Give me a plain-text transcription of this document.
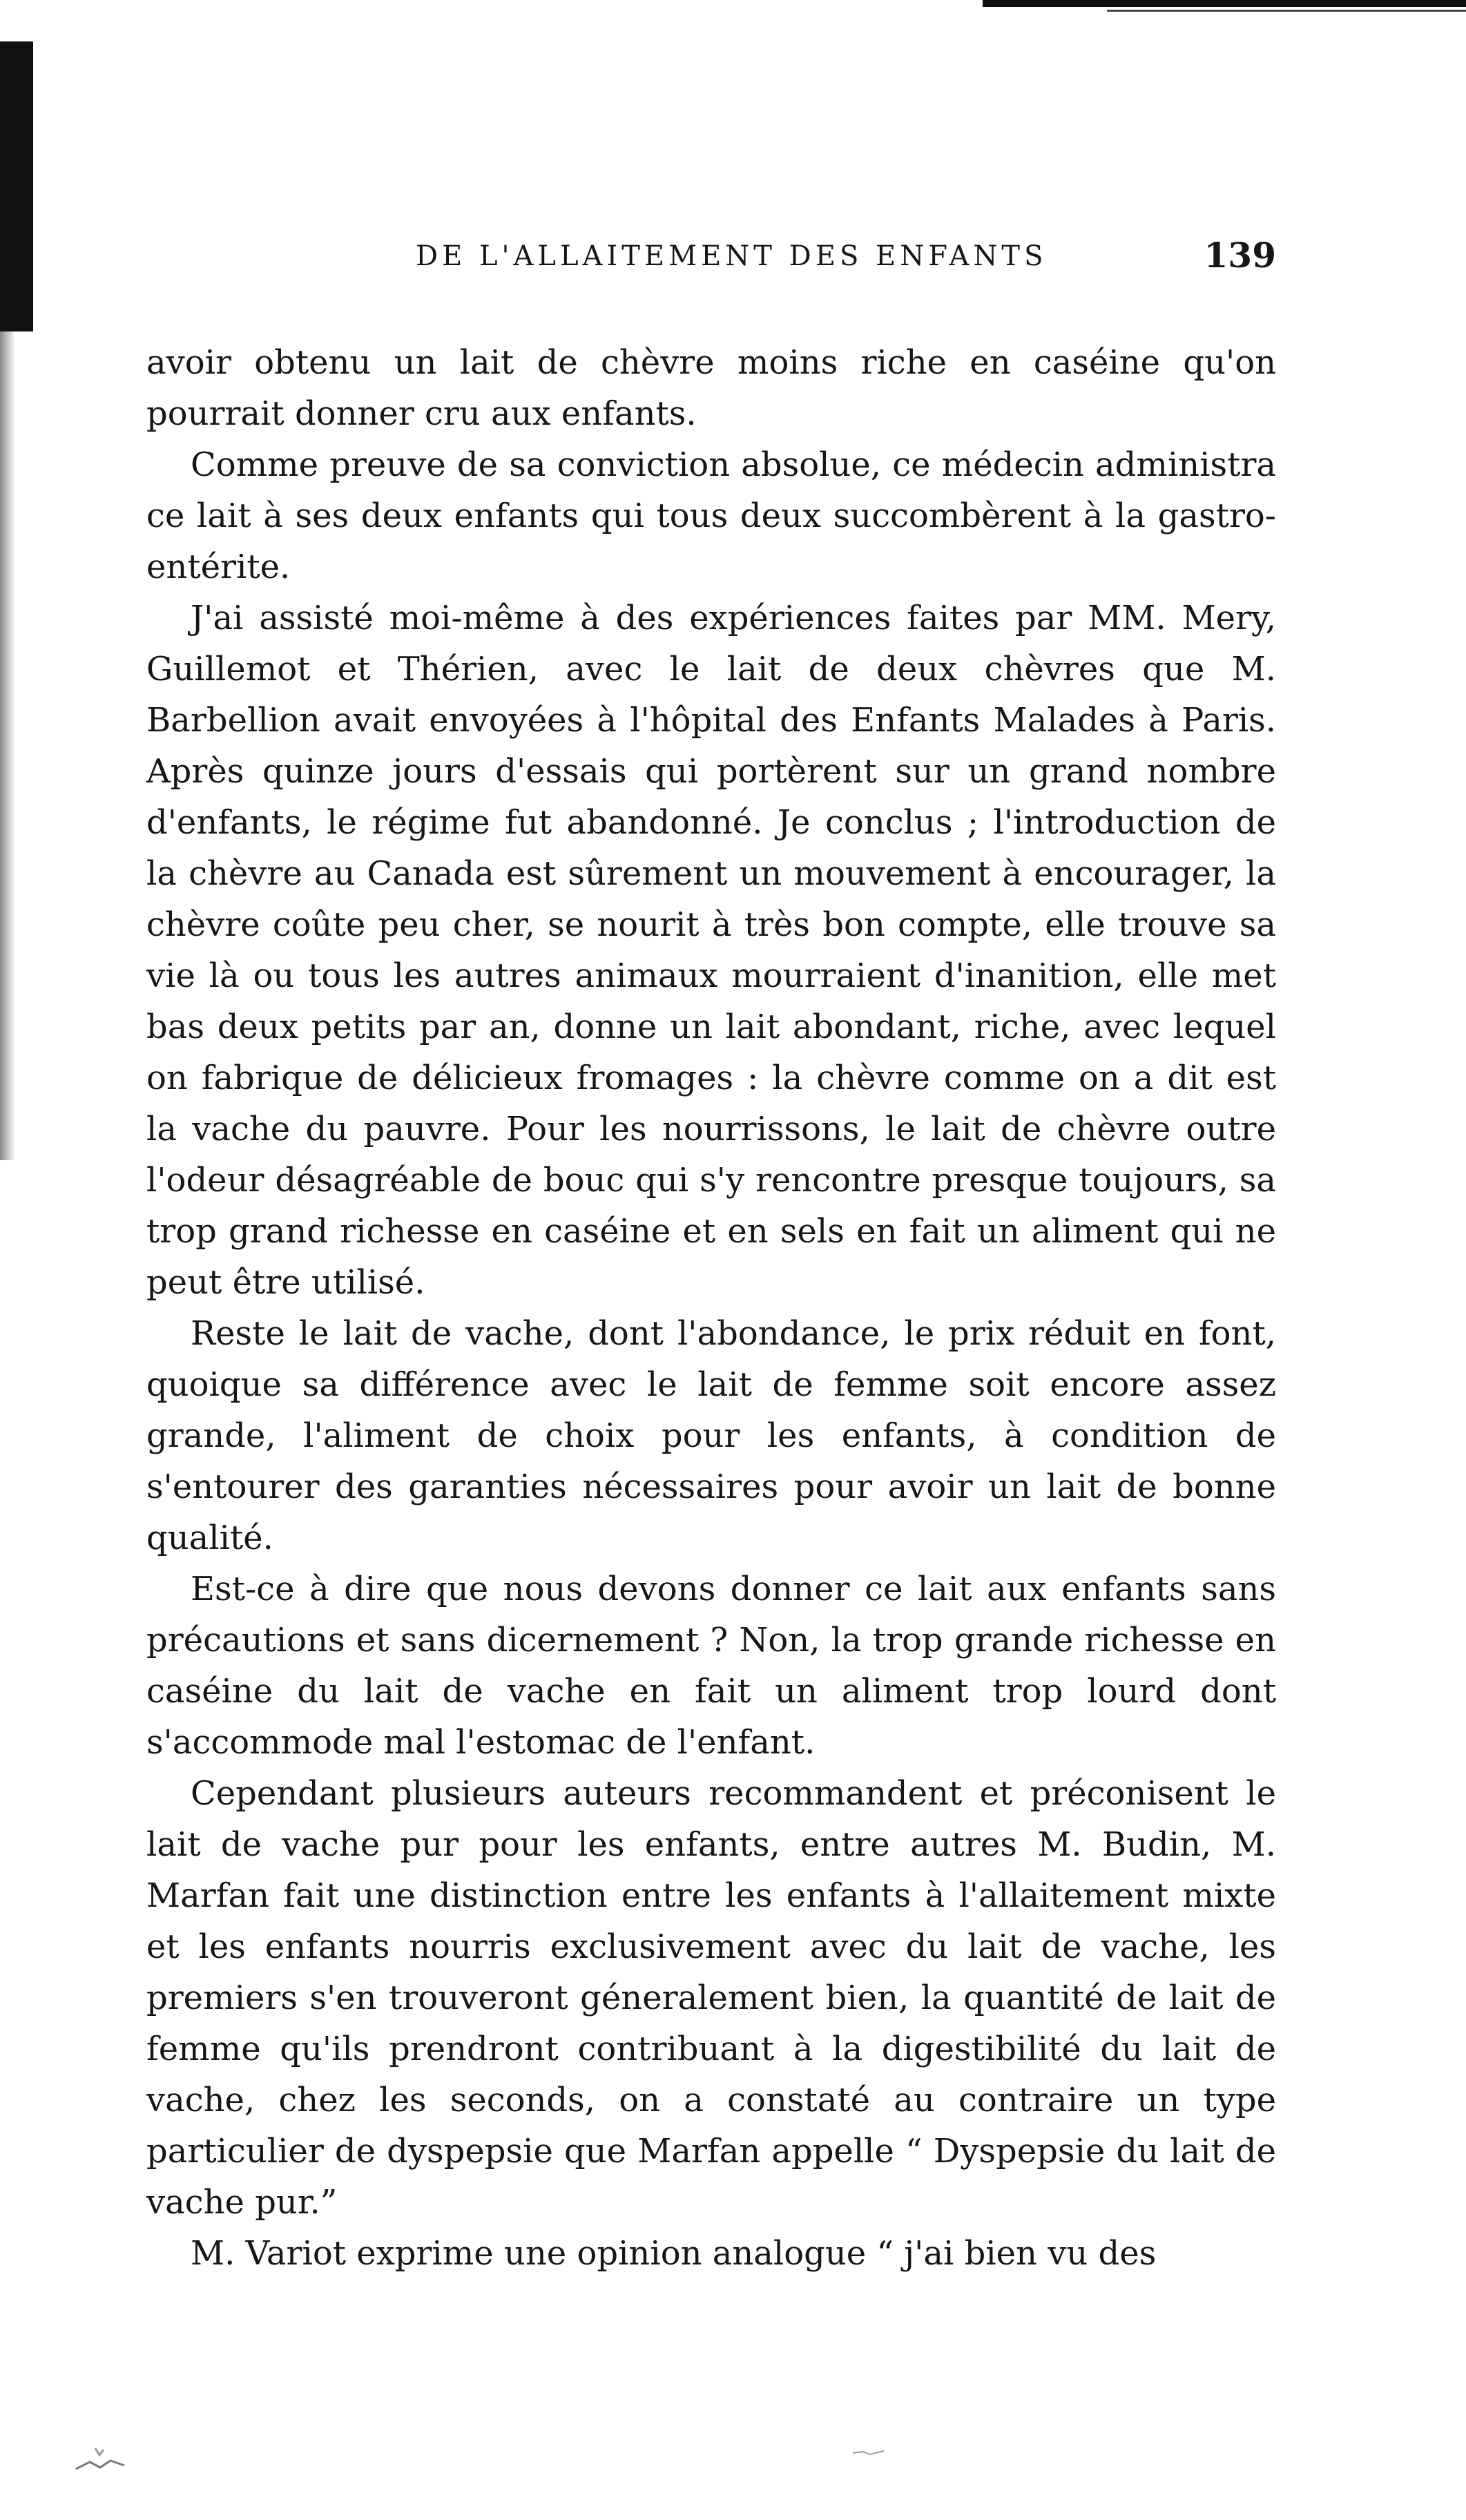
DE L'ALLAITEMENT DES ENFANTS	139

avoir obtenu un lait de chèvre moins riche en caséine qu'on pourrait donner cru aux enfants.

Comme preuve de sa conviction absolue, ce médecin administra ce lait à ses deux en‪‬fants qui tous deux succombèrent à la gastro-entérite.

J'ai assisté moi-même à des expériences faites par MM. Mery, Guillemot et Thérien, avec le lait de deux chèvres que M. Barbellion avait envoyées à l'hôpital des Enfants Malades à Paris. Après quinze jours d'essais qui portèrent sur un grand nombre d'enfants, le régime fut abandonné. Je conclus ; l'introduction de la chèvre au Canada est sûrement un mouvement à encourager, la chèvre coûte peu cher, se nourit à très bon compte, elle trouve sa vie là ou tous les autres animaux mourraient d'inanition, elle met bas deux petits par an, donne un lait abondant, riche, avec lequel on fabrique de délicieux fromages : la chèvre comme on a dit est la vache du pauvre. Pour les nourrissons, le lait de chèvre outre l'odeur désagréable de bouc qui s'y rencontre presque toujours, sa trop grand richesse en caséine et en sels en fait un aliment qui ne peut être utilisé.

Reste le lait de vache, dont l'abondance, le prix réduit en font, quoique sa différence avec le lait de femme soit encore assez grande, l'aliment de choix pour les enfants, à condition de s'entourer des garanties nécessaires pour avoir un lait de bonne qualité.

Est-ce à dire que nous devons donner ce lait aux enfants sans précautions et sans dicernement ? Non, la trop grande richesse en caséine du lait de vache en fait un aliment trop lourd dont s'accommode mal l'estomac de l'enfant.

Cependant plusieurs auteurs recommandent et préconisent le lait de vache pur pour les enfants, entre autres M. Budin, M. Marfan fait une distinction entre les enfants à l'allaitement mixte et les enfants nourris exclusivement avec du lait de vache, les premiers s'en trouveront géneralement bien, la quantité de lait de femme qu'ils prendront contribuant à la digestibilité du lait de vache, chez les seconds, on a constaté au contraire un type particulier de dyspepsie que Marfan appelle “ Dyspepsie du lait de vache pur.”

M. Variot exprime une opinion analogue “ j'ai bien vu des
